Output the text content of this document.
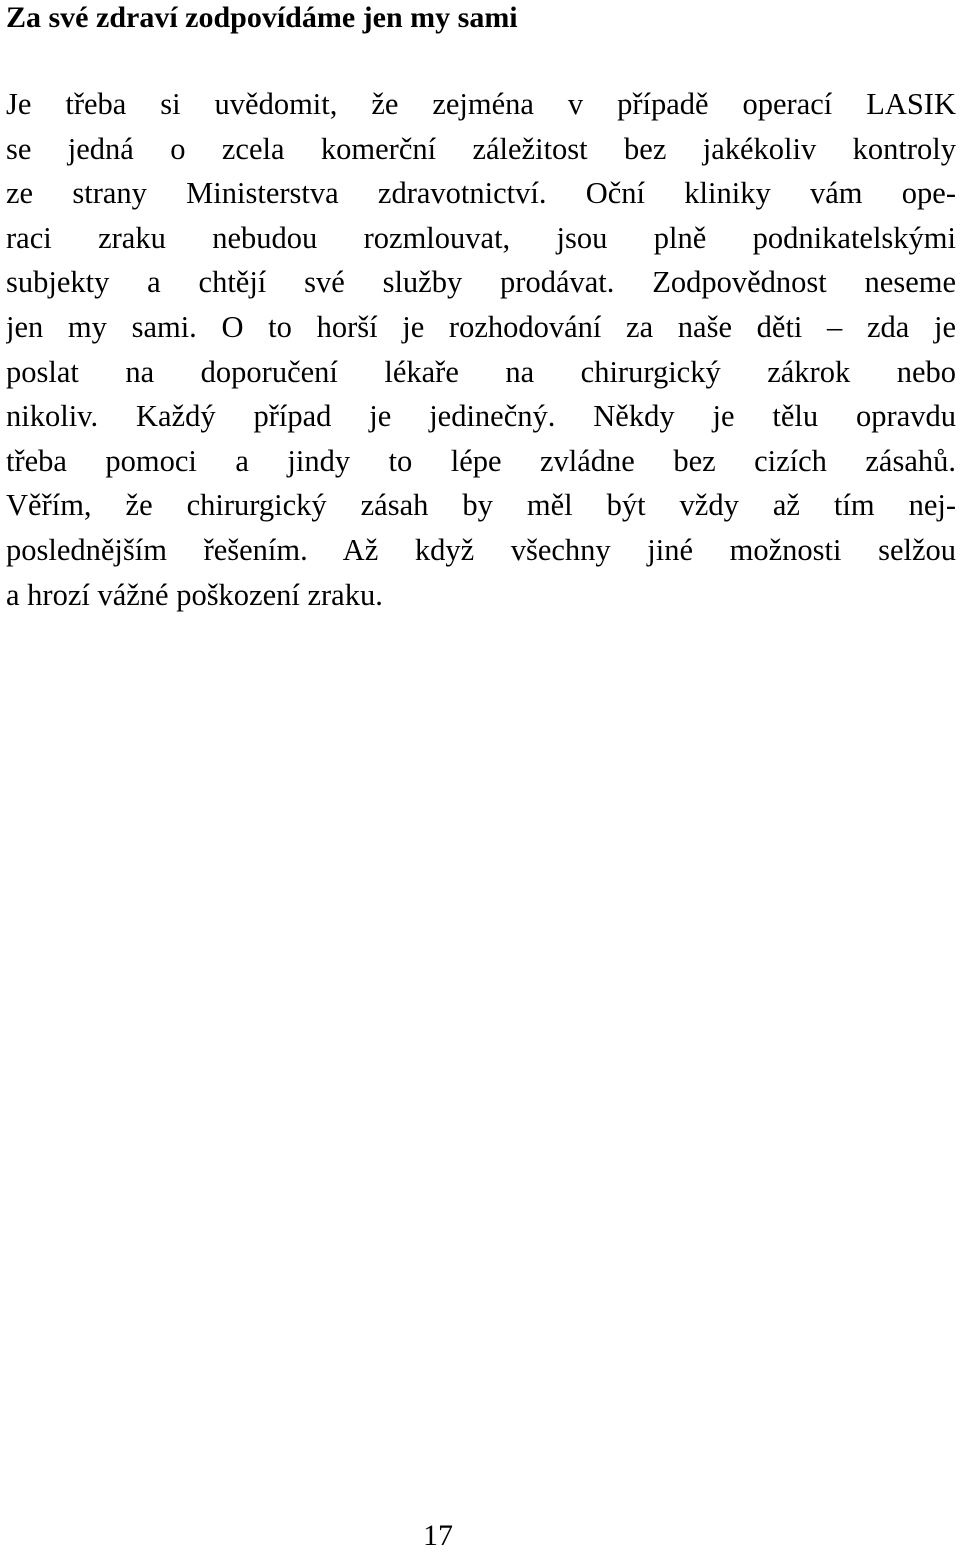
Za své zdraví zodpovídáme jen my sami
Je třeba si uvědomit, že zejména v případě operací LASIK
se jedná o zcela komerční záležitost bez jakékoliv kontroly
ze strany Ministerstva zdravotnictví. Oční kliniky vám ope-
raci zraku nebudou rozmlouvat, jsou plně podnikatelskými
subjekty a chtějí své služby prodávat. Zodpovědnost neseme
jen my sami. O to horší je rozhodování za naše děti – zda je
poslat na doporučení lékaře na chirurgický zákrok nebo
nikoliv. Každý případ je jedinečný. Někdy je tělu opravdu
třeba pomoci a jindy to lépe zvládne bez cizích zásahů.
Věřím, že chirurgický zásah by měl být vždy až tím nej-
poslednějším řešením. Až když všechny jiné možnosti selžou
a hrozí vážné poškození zraku.
17
